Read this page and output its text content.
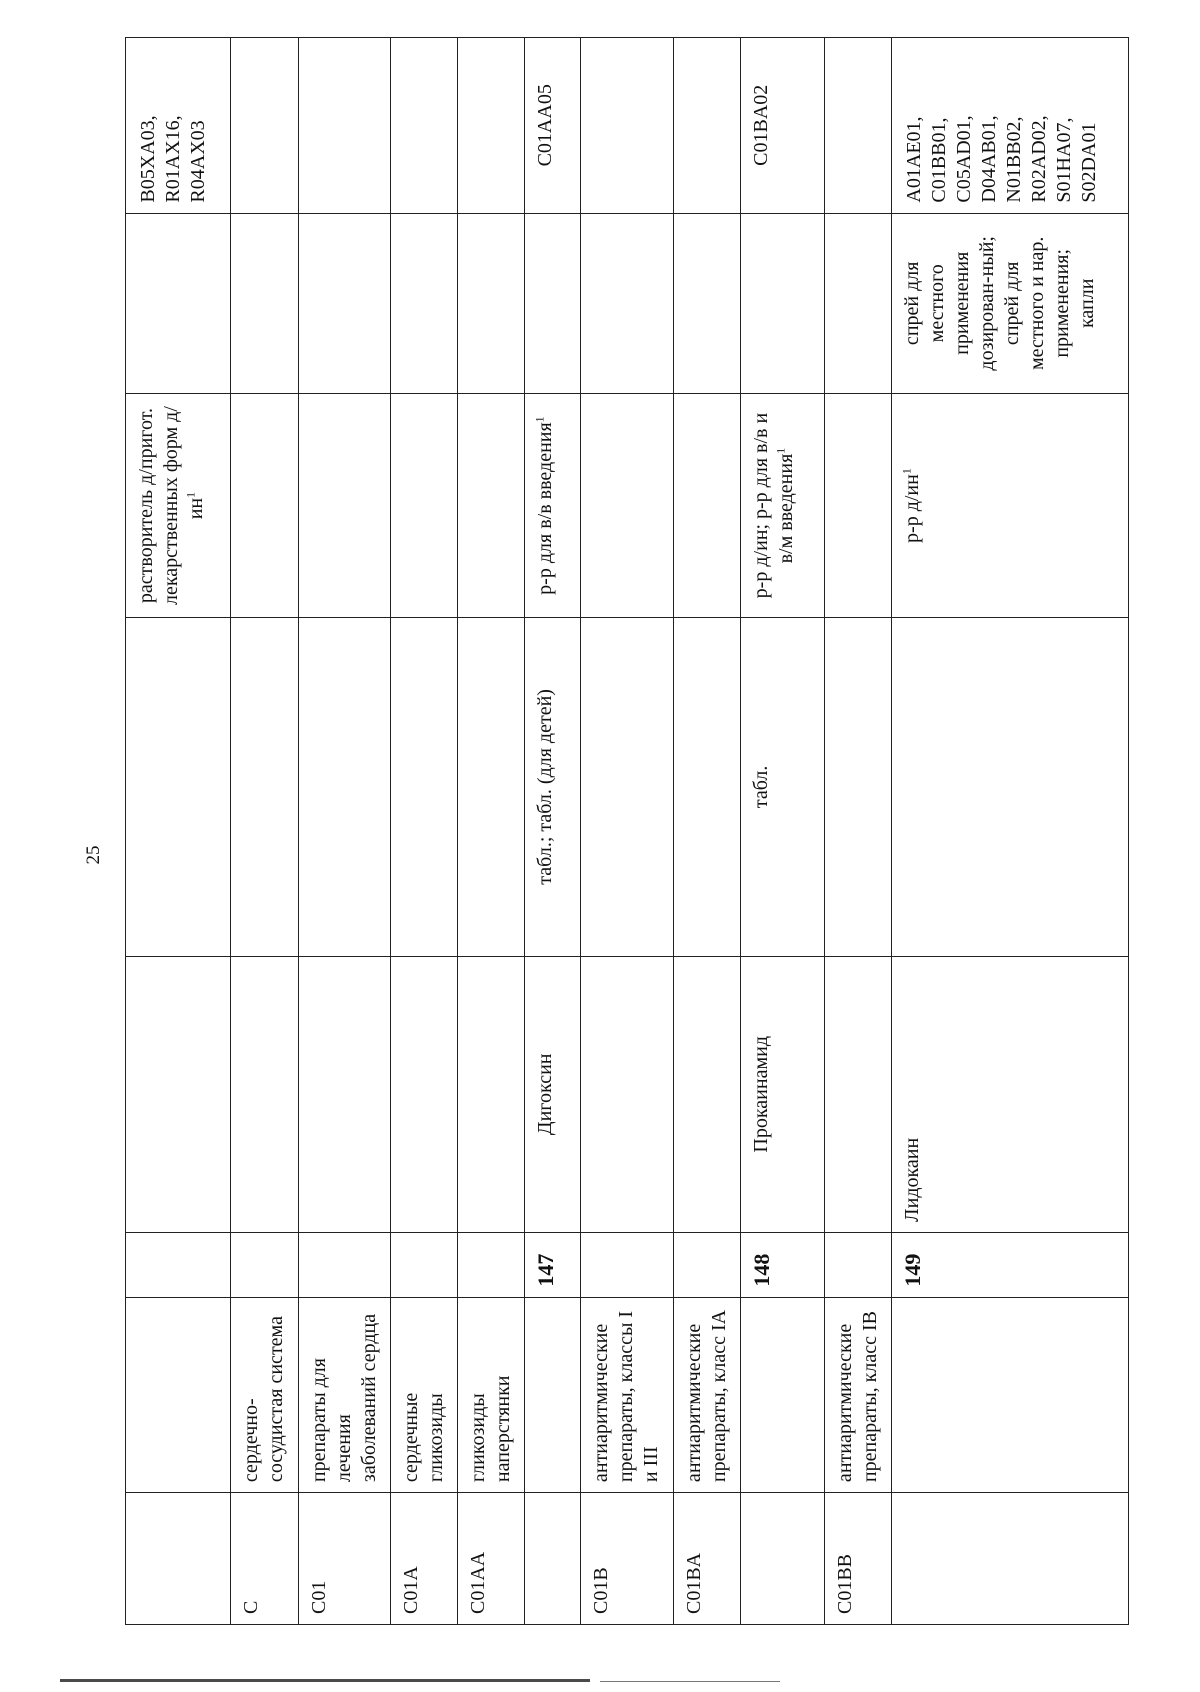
25
					растворитель д/пригот. лекарственных форм $д/ин^1$		B05XA03, R01AX16, R04AX03
C	сердечно-сосудистая система						
C01	препараты для лечения заболеваний сердца						
C01A	сердечные гликозиды						
C01AA	гликозиды наперстянки						
		147	Дигоксин	табл.; табл. (для детей)	р-р для в/в введения$^1$		C01AA05
C01B	антиаритмические препараты, классы I и III						
C01BA	антиаритмические препараты, класс IA						
		148	Прокаинамид	табл.	р-р д/ин; р-р для в/в и в/м введения$^1$		C01BA02
C01BB	антиаритмические препараты, класс IB						
		149	Лидокаин		р-р $д/ин^1$	спрей для местного применения дозирован-ный; спрей для местного и нар. применения; капли	A01AE01, C01BB01, C05AD01, D04AB01, N01BB02, R02AD02, S01HA07, S02DA01
